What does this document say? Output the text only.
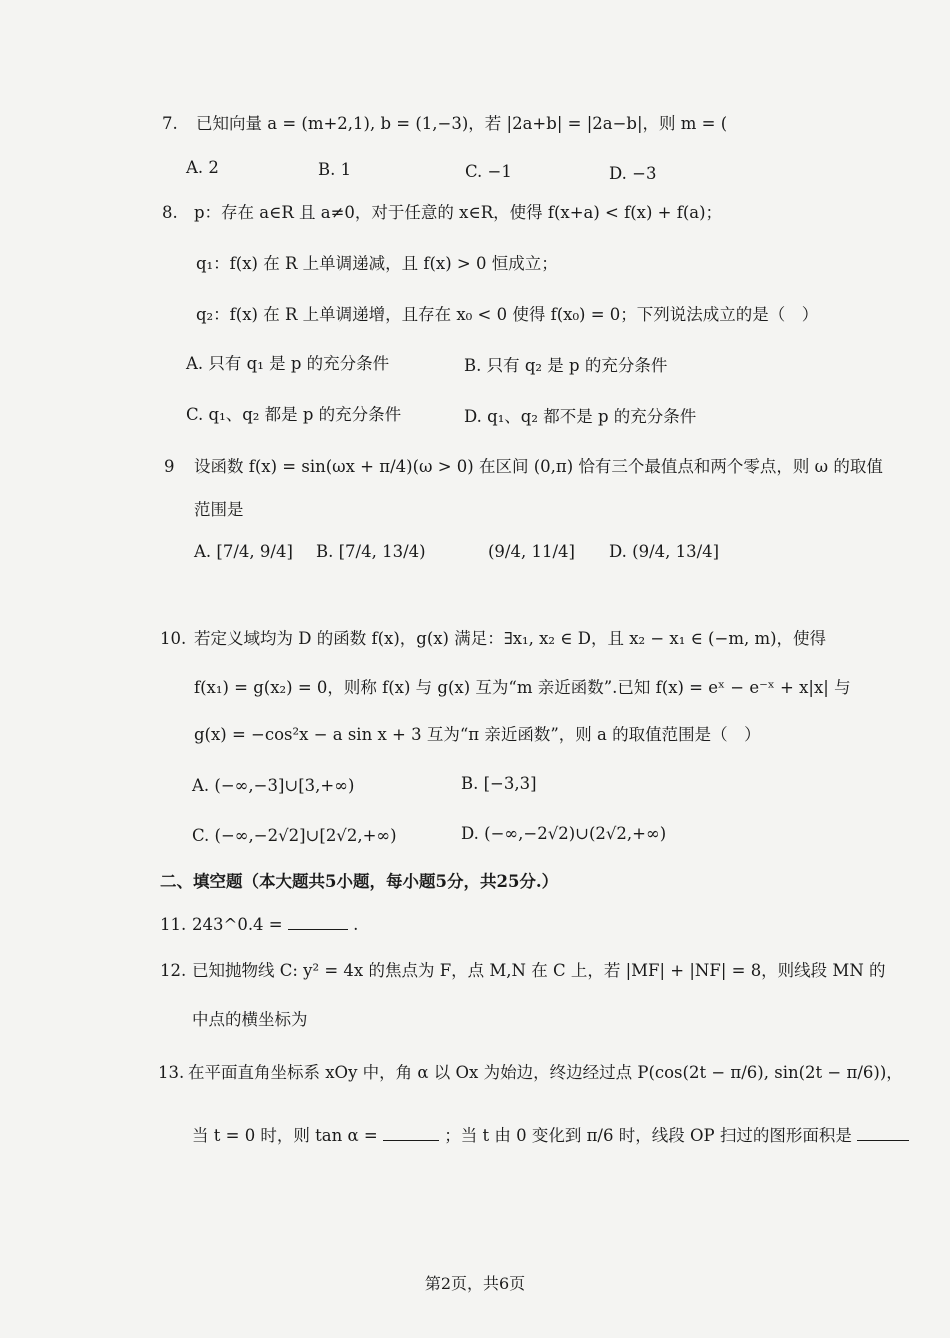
7. 已知向量 a = (m+2,1), b = (1,−3)，若 |2a+b| = |2a−b|，则 m = (
A. 2	B. 1	C. −1	D. −3
8. p：存在 a∈R 且 a≠0，对于任意的 x∈R，使得 f(x+a) < f(x) + f(a)；
q₁：f(x) 在 R 上单调递减，且 f(x) > 0 恒成立；
q₂：f(x) 在 R 上单调递增，且存在 x₀ < 0 使得 f(x₀) = 0；下列说法成立的是（　）
A. 只有 q₁ 是 p 的充分条件	B. 只有 q₂ 是 p 的充分条件
C. q₁、q₂ 都是 p 的充分条件	D. q₁、q₂ 都不是 p 的充分条件
9 设函数 f(x) = sin(ωx + π/4)(ω > 0) 在区间 (0,π) 恰有三个最值点和两个零点，则 ω 的取值
范围是
A. [7/4, 9/4] B. [7/4, 13/4)	(9/4, 11/4] D. (9/4, 13/4]
10. 若定义域均为 D 的函数 f(x)，g(x) 满足：∃x₁, x₂ ∈ D，且 x₂ − x₁ ∈ (−m, m)，使得
f(x₁) = g(x₂) = 0，则称 f(x) 与 g(x) 互为“m 亲近函数”.已知 f(x) = eˣ − e⁻ˣ + x|x| 与
g(x) = −cos²x − a sin x + 3 互为“π 亲近函数”，则 a 的取值范围是（　）
A. (−∞,−3]∪[3,+∞)	B. [−3,3]
C. (−∞,−2√2]∪[2√2,+∞)	D. (−∞,−2√2)∪(2√2,+∞)
二、填空题（本大题共5小题，每小题5分，共25分.）
11. 243^0.4 =	.
12. 已知抛物线 C: y² = 4x 的焦点为 F，点 M,N 在 C 上，若 |MF| + |NF| = 8，则线段 MN 的
中点的横坐标为
13. 在平面直角坐标系 xOy 中，角 α 以 Ox 为始边，终边经过点 P(cos(2t − π/6), sin(2t − π/6))，
当 t = 0 时，则 tan α =	；当 t 由 0 变化到 π/6 时，线段 OP 扫过的图形面积是
第2页，共6页
